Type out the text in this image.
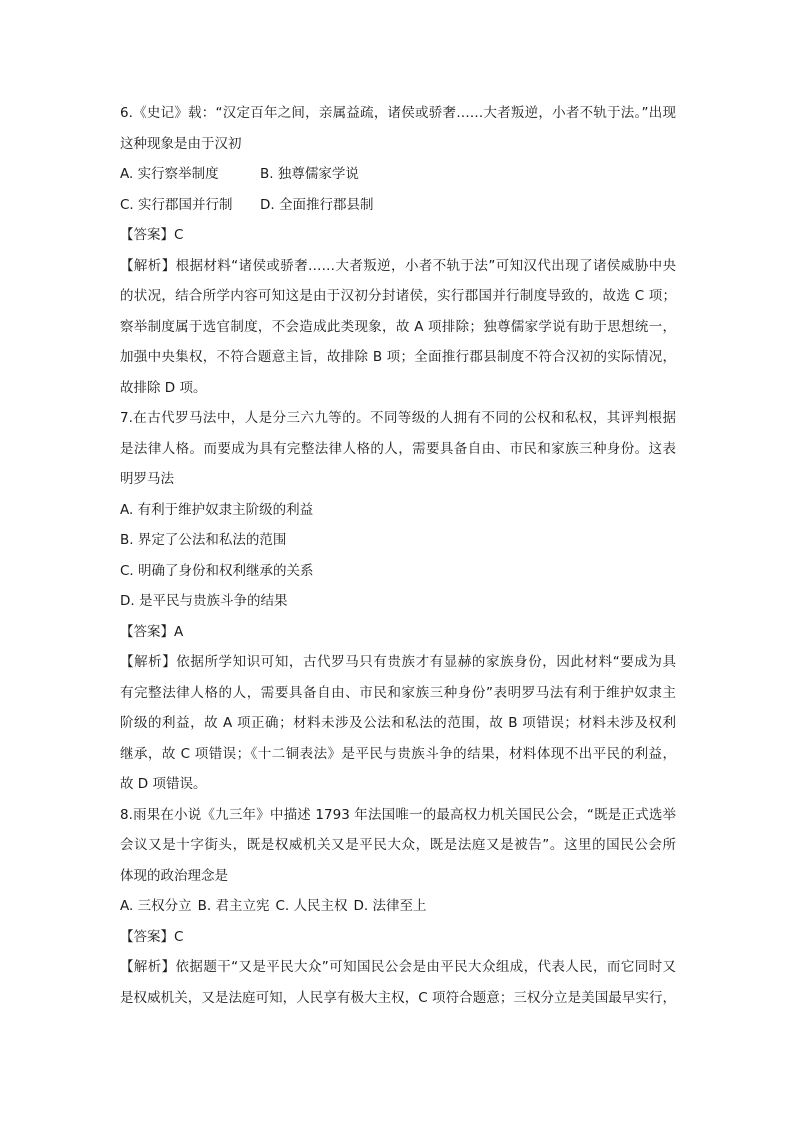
6.《史记》载：“汉定百年之间，亲属益疏，诸侯或骄奢……大者叛逆，小者不轨于法。”出现
这种现象是由于汉初
A. 实行察举制度	B. 独尊儒家学说
C. 实行郡国并行制 D. 全面推行郡县制
【答案】C
【解析】根据材料“诸侯或骄奢……大者叛逆，小者不轨于法”可知汉代出现了诸侯威胁中央
的状况，结合所学内容可知这是由于汉初分封诸侯，实行郡国并行制度导致的，故选 C 项；
察举制度属于选官制度，不会造成此类现象，故 A 项排除；独尊儒家学说有助于思想统一，
加强中央集权，不符合题意主旨，故排除 B 项；全面推行郡县制度不符合汉初的实际情况，
故排除 D 项。
7.在古代罗马法中，人是分三六九等的。不同等级的人拥有不同的公权和私权，其评判根据
是法律人格。而要成为具有完整法律人格的人，需要具备自由、市民和家族三种身份。这表
明罗马法
A. 有利于维护奴隶主阶级的利益
B. 界定了公法和私法的范围
C. 明确了身份和权利继承的关系
D. 是平民与贵族斗争的结果
【答案】A
【解析】依据所学知识可知，古代罗马只有贵族才有显赫的家族身份，因此材料“要成为具
有完整法律人格的人，需要具备自由、市民和家族三种身份”表明罗马法有利于维护奴隶主
阶级的利益，故 A 项正确；材料未涉及公法和私法的范围，故 B 项错误；材料未涉及权利
继承，故 C 项错误；《十二铜表法》是平民与贵族斗争的结果，材料体现不出平民的利益，
故 D 项错误。
8.雨果在小说《九三年》中描述 1793 年法国唯一的最高权力机关国民公会，“既是正式选举
会议又是十字街头，既是权威机关又是平民大众，既是法庭又是被告”。这里的国民公会所
体现的政治理念是
A. 三权分立 B. 君主立宪 C. 人民主权 D. 法律至上
【答案】C
【解析】依据题干“又是平民大众”可知国民公会是由平民大众组成，代表人民，而它同时又
是权威机关，又是法庭可知，人民享有极大主权，C 项符合题意；三权分立是美国最早实行，
